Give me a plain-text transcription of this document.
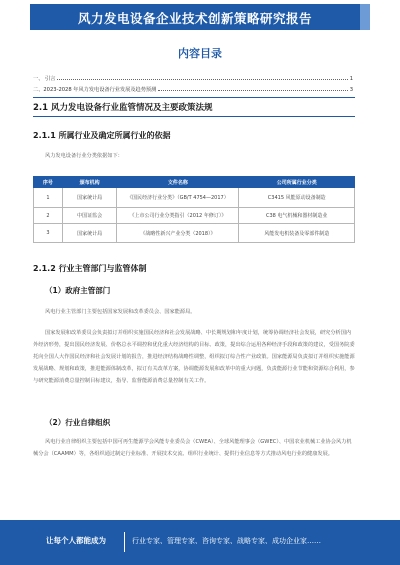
风力发电设备企业技术创新策略研究报告
内容目录
一、 引言	1
二、2023-2028 年风力发电设备行业发展及趋势预测	3
2.1 风力发电设备行业监管情况及主要政策法规
2.1.1 所属行业及确定所属行业的依据
风力发电设备行业分类依据如下：
序号	颁布机构	文件名称	公司所属行业分类
1	国家统计局	《国民经济行业分类》（GB/T 4754—2017）	C3415 风能原动设备制造
2	中国证监会	《上市公司行业分类指引（2012 年修订）》	C38 电气机械和器材制造业
3	国家统计局	《战略性新兴产业分类（2018）》	风能发电机装备及零部件制造
2.1.2 行业主管部门与监管体制
（1）政府主管部门
风电行业主管部门主要包括国家发展和改革委员会、国家能源局。
国家发展和改革委员会负责拟订并组织实施国民经济和社会发展战略、中长期规划和年度计划，统筹协调经济社会发展，研究分析国内外经济形势，提出国民经济发展、价格总水平调控和优化重大经济结构的目标、政策，提出综合运用各种经济手段和政策的建议，受国务院委托向全国人大作国民经济和社会发展计划的报告，推进经济结构战略性调整，组织拟订综合性产业政策。国家能源局负责拟订并组织实施能源发展战略、规划和政策，推进能源体制改革，拟订有关改革方案，协调能源发展和改革中的重大问题，负责能源行业节能和资源综合利用，参与研究能源消费总量控制目标建议，指导、监督能源消费总量控制有关工作。
（2）行业自律组织
风电行业自律组织主要包括中国可再生能源学会风能专业委员会（CWEA）、全球风能理事会（GWEC）、中国农业机械工业协会风力机械分会（CAAMM）等，各组织通过制定行业标准、开展技术交流、组织行业统计、提供行业信息等方式推动风电行业的健康发展。
让每个人都能成为	行业专家、管理专家、咨询专家、战略专家、成功企业家……
